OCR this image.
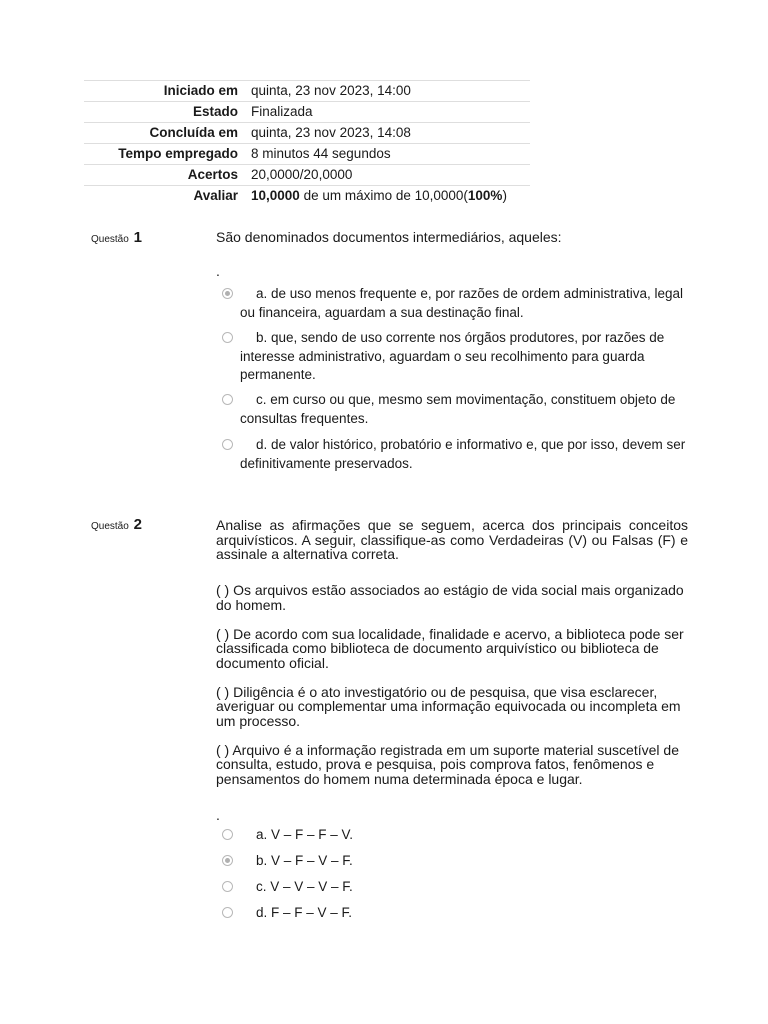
Iniciado em	quinta, 23 nov 2023, 14:00
Estado	Finalizada
Concluída em	quinta, 23 nov 2023, 14:08
Tempo empregado	8 minutos 44 segundos
Acertos	20,0000/20,0000
Avaliar	10,0000 de um máximo de 10,0000(100%)
Questão 1	São denominados documentos intermediários, aqueles:
.
a. de uso menos frequente e, por razões de ordem administrativa, legal ou financeira, aguardam a sua destinação final.
b. que, sendo de uso corrente nos órgãos produtores, por razões de interesse administrativo, aguardam o seu recolhimento para guarda permanente.
c. em curso ou que, mesmo sem movimentação, constituem objeto de consultas frequentes.
d. de valor histórico, probatório e informativo e, que por isso, devem ser definitivamente preservados.
Questão 2	Analise as afirmações que se seguem, acerca dos principais conceitos arquivísticos. A seguir, classifique-as como Verdadeiras (V) ou Falsas (F) e assinale a alternativa correta.

( ) Os arquivos estão associados ao estágio de vida social mais organizado do homem.

( ) De acordo com sua localidade, finalidade e acervo, a biblioteca pode ser classificada como biblioteca de documento arquivístico ou biblioteca de documento oficial.

( ) Diligência é o ato investigatório ou de pesquisa, que visa esclarecer, averiguar ou complementar uma informação equivocada ou incompleta em um processo.

( ) Arquivo é a informação registrada em um suporte material suscetível de consulta, estudo, prova e pesquisa, pois comprova fatos, fenômenos e pensamentos do homem numa determinada época e lugar.

.
a. V – F – F – V.
b. V – F – V – F.
c. V – V – V – F.
d. F – F – V – F.
